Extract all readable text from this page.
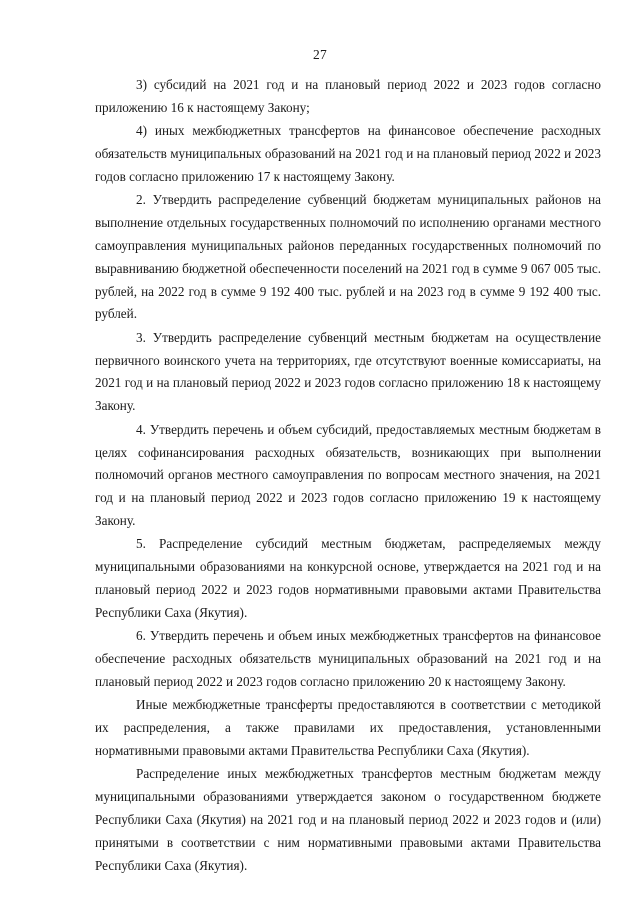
27

3) субсидий на 2021 год и на плановый период 2022 и 2023 годов согласно приложению 16 к настоящему Закону;

4) иных межбюджетных трансфертов на финансовое обеспечение расходных обязательств муниципальных образований на 2021 год и на плановый период 2022 и 2023 годов согласно приложению 17 к настоящему Закону.

2. Утвердить распределение субвенций бюджетам муниципальных районов на выполнение отдельных государственных полномочий по исполнению органами местного самоуправления муниципальных районов переданных государственных полномочий по выравниванию бюджетной обеспеченности поселений на 2021 год в сумме 9 067 005 тыс. рублей, на 2022 год в сумме 9 192 400 тыс. рублей и на 2023 год в сумме 9 192 400 тыс. рублей.

3. Утвердить распределение субвенций местным бюджетам на осуществление первичного воинского учета на территориях, где отсутствуют военные комиссариаты, на 2021 год и на плановый период 2022 и 2023 годов согласно приложению 18 к настоящему Закону.

4. Утвердить перечень и объем субсидий, предоставляемых местным бюджетам в целях софинансирования расходных обязательств, возникающих при выполнении полномочий органов местного самоуправления по вопросам местного значения, на 2021 год и на плановый период 2022 и 2023 годов согласно приложению 19 к настоящему Закону.

5. Распределение субсидий местным бюджетам, распределяемых между муниципальными образованиями на конкурсной основе, утверждается на 2021 год и на плановый период 2022 и 2023 годов нормативными правовыми актами Правительства Республики Саха (Якутия).

6. Утвердить перечень и объем иных межбюджетных трансфертов на финансовое обеспечение расходных обязательств муниципальных образований на 2021 год и на плановый период 2022 и 2023 годов согласно приложению 20 к настоящему Закону.

Иные межбюджетные трансферты предоставляются в соответствии с методикой их распределения, а также правилами их предоставления, установленными нормативными правовыми актами Правительства Республики Саха (Якутия).

Распределение иных межбюджетных трансфертов местным бюджетам между муниципальными образованиями утверждается законом о государственном бюджете Республики Саха (Якутия) на 2021 год и на плановый период 2022 и 2023 годов и (или) принятыми в соответствии с ним нормативными правовыми актами Правительства Республики Саха (Якутия).
